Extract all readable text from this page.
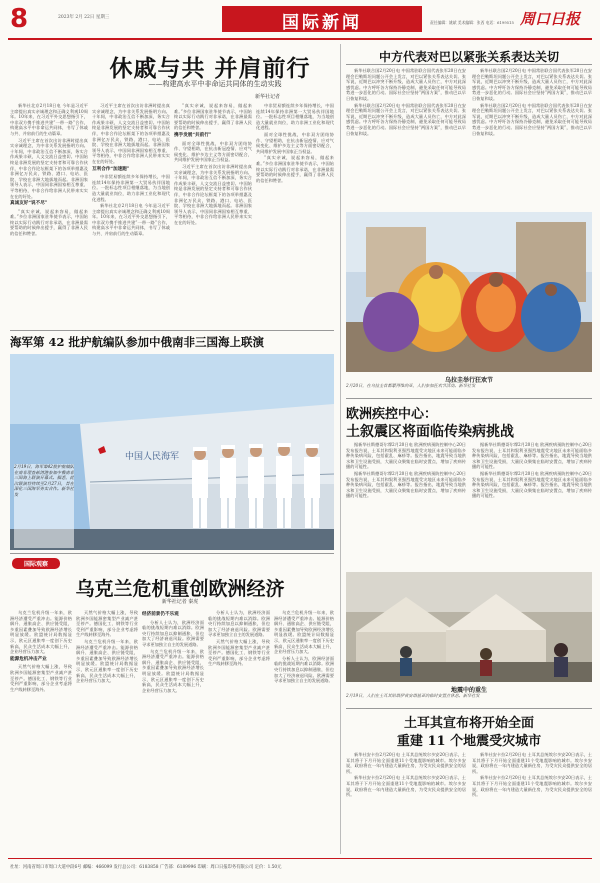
8	2023年 2月 22日 星期三	国际新闻	责任编辑：姚斌 美术编辑：张西 电话：6199515 周口日报
休戚与共 并肩前行
——构建高水平中非命运共同体的生动实践
新华社记者

新华社北京2月18日电 今年是习近平主席提出真实亲诚理念和正确义利观10周年。10年来，在习近平外交思想指引下，中非双方携手推进共建“一带一路”合作，构建高水平中非命运共同体，书写了休戚与共、并肩前行的生动篇章。

习近平主席在首次出访非洲时提出真实亲诚理念，为中非关系发展指明方向。十年间，中非政治互信不断加深，务实合作成果丰硕，人文交流日益密切。中国始终是非洲发展的坚定支持者和可靠合作伙伴，中非合作论坛框架下的各项举措惠及非洲亿万民众，铁路、港口、电站、医院、学校在非洲大地拔地而起。非洲国家领导人表示，中国同非洲国家相互尊重、平等相待，中非合作给非洲人民带来实实在在的好处。

真诚友好“说不尽”

“真实亲诚，说起来容易，做起来难。”多位非洲国家驻华使节表示，中国始终以实际行动践行对非承诺，在非洲最需要帮助的时候伸出援手，赢得了非洲人民的信任和赞誉。

习近平主席在首次出访非洲时提出真实亲诚理念，为中非关系发展指明方向。十年间，中非政治互信不断加深，务实合作成果丰硕，人文交流日益密切。中国始终是非洲发展的坚定支持者和可靠合作伙伴，中非合作论坛框架下的各项举措惠及非洲亿万民众，铁路、港口、电站、医院、学校在非洲大地拔地而起。非洲国家领导人表示，中国同非洲国家相互尊重、平等相待，中非合作给非洲人民带来实实在在的好处。

互利合作“加速跑”

中非贸易额连续多年保持增长，中国连续14年保持非洲第一大贸易伙伴国地位。一批标志性项目相继落地，为当地创造大量就业岗位，助力非洲工业化和现代化进程。

新华社北京2月18日电 今年是习近平主席提出真实亲诚理念和正确义利观10周年。10年来，在习近平外交思想指引下，中非双方携手推进共建“一带一路”合作，构建高水平中非命运共同体，书写了休戚与共、并肩前行的生动篇章。

“真实亲诚，说起来容易，做起来难。”多位非洲国家驻华使节表示，中国始终以实际行动践行对非承诺，在非洲最需要帮助的时候伸出援手，赢得了非洲人民的信任和赞誉。

携手发展“共前行”

面对全球性挑战，中非双方团结协作、守望相助，在抗击新冠疫情、应对气候变化、维护多边主义等方面密切配合，共同维护发展中国家正当权益。

习近平主席在首次出访非洲时提出真实亲诚理念，为中非关系发展指明方向。十年间，中非政治互信不断加深，务实合作成果丰硕，人文交流日益密切。中国始终是非洲发展的坚定支持者和可靠合作伙伴，中非合作论坛框架下的各项举措惠及非洲亿万民众，铁路、港口、电站、医院、学校在非洲大地拔地而起。非洲国家领导人表示，中国同非洲国家相互尊重、平等相待，中非合作给非洲人民带来实实在在的好处。

中非贸易额连续多年保持增长，中国连续14年保持非洲第一大贸易伙伴国地位。一批标志性项目相继落地，为当地创造大量就业岗位，助力非洲工业化和现代化进程。

面对全球性挑战，中非双方团结协作、守望相助，在抗击新冠疫情、应对气候变化、维护多边主义等方面密切配合，共同维护发展中国家正当权益。

“真实亲诚，说起来容易，做起来难。”多位非洲国家驻华使节表示，中国始终以实际行动践行对非承诺，在非洲最需要帮助的时候伸出援手，赢得了非洲人民的信任和赞誉。

中方代表对巴以紧张关系表达关切

新华社联合国2月20日电 中国常驻联合国代表张军20日在安理会巴勒斯坦问题公开会上发言，对巴以紧张关系表达关切。张军说，近期巴以冲突不断升级，造成大量人员伤亡，中方对此深感忧虑。中方呼吁各方保持冷静克制，避免采取任何可能导致局势进一步恶化的行动。国际社会应坚持“两国方案”，推动巴以早日恢复和谈。

新华社联合国2月20日电 中国常驻联合国代表张军20日在安理会巴勒斯坦问题公开会上发言，对巴以紧张关系表达关切。张军说，近期巴以冲突不断升级，造成大量人员伤亡，中方对此深感忧虑。中方呼吁各方保持冷静克制，避免采取任何可能导致局势进一步恶化的行动。国际社会应坚持“两国方案”，推动巴以早日恢复和谈。

新华社联合国2月20日电 中国常驻联合国代表张军20日在安理会巴勒斯坦问题公开会上发言，对巴以紧张关系表达关切。张军说，近期巴以冲突不断升级，造成大量人员伤亡，中方对此深感忧虑。中方呼吁各方保持冷静克制，避免采取任何可能导致局势进一步恶化的行动。国际社会应坚持“两国方案”，推动巴以早日恢复和谈。

新华社联合国2月20日电 中国常驻联合国代表张军20日在安理会巴勒斯坦问题公开会上发言，对巴以紧张关系表达关切。张军说，近期巴以冲突不断升级，造成大量人员伤亡，中方对此深感忧虑。中方呼吁各方保持冷静克制，避免采取任何可能导致局势进一步恶化的行动。国际社会应坚持“两国方案”，推动巴以早日恢复和谈。

乌拉圭举行狂欢节
2月20日，在乌拉圭首都蒙得维的亚，人们参加狂欢节活动。新华社发
欧洲疾控中心：
土叙震区将面临传染病挑战

据新华社斯德哥尔摩2月20日电 欧洲疾病预防控制中心20日发布报告说，土耳其和叙利亚强烈地震受灾地区未来可能面临多种传染病风险，包括霍乱、麻疹等。报告指出，地震导致当地供水和卫生设施受损，大量民众聚集在临时安置点，增加了疾病传播的可能性。

据新华社斯德哥尔摩2月20日电 欧洲疾病预防控制中心20日发布报告说，土耳其和叙利亚强烈地震受灾地区未来可能面临多种传染病风险，包括霍乱、麻疹等。报告指出，地震导致当地供水和卫生设施受损，大量民众聚集在临时安置点，增加了疾病传播的可能性。

据新华社斯德哥尔摩2月20日电 欧洲疾病预防控制中心20日发布报告说，土耳其和叙利亚强烈地震受灾地区未来可能面临多种传染病风险，包括霍乱、麻疹等。报告指出，地震导致当地供水和卫生设施受损，大量民众聚集在临时安置点，增加了疾病传播的可能性。

据新华社斯德哥尔摩2月20日电 欧洲疾病预防控制中心20日发布报告说，土耳其和叙利亚强烈地震受灾地区未来可能面临多种传染病风险，包括霍乱、麻疹等。报告指出，地震导致当地供水和卫生设施受损，大量民众聚集在临时安置点，增加了疾病传播的可能性。

地震中的重生
2月19日，人们在土耳其哈塔伊省安塔基亚的临时安置点休息。新华社发
土耳其宣布将开始全面
重建 11 个地震受灾城市

新华社安卡拉2月20日电 土耳其总统埃尔多安20日表示，土耳其将于下月开始全面重建11个受地震影响的城市。埃尔多安说，政府将在一年内建造大量新住房，为受灾民众提供安全的居所。

新华社安卡拉2月20日电 土耳其总统埃尔多安20日表示，土耳其将于下月开始全面重建11个受地震影响的城市。埃尔多安说，政府将在一年内建造大量新住房，为受灾民众提供安全的居所。

新华社安卡拉2月20日电 土耳其总统埃尔多安20日表示，土耳其将于下月开始全面重建11个受地震影响的城市。埃尔多安说，政府将在一年内建造大量新住房，为受灾民众提供安全的居所。

新华社安卡拉2月20日电 土耳其总统埃尔多安20日表示，土耳其将于下月开始全面重建11个受地震影响的城市。埃尔多安说，政府将在一年内建造大量新住房，为受灾民众提供安全的居所。

海军第 42 批护航编队参加中俄南非三国海上联演
中国人民海军
2月19日，海军第42批护航编队在南非理查兹湾港参加中俄南非三国海上联演开幕式。据悉，此次联演将持续至2月27日，旨在深化三国海军务实合作。新华社发
国际观察
乌克兰危机重创欧洲经济
新华社记者 秦虎

乌克兰危机升级一年来，欧洲经济遭受严重冲击。能源价格飙升、通胀高企、供应链受阻，多重因素叠加导致欧洲经济增长明显放缓。欧盟统计局数据显示，欧元区通胀率一度创下历史新高，民众生活成本大幅上升，企业经营压力加大。

能源危机冲击产业

天然气价格大幅上涨，导致欧洲多国能源密集型产业减产甚至停产。德国化工、钢铁等行业受到严重影响，部分企业考虑将生产线转移至海外。

天然气价格大幅上涨，导致欧洲多国能源密集型产业减产甚至停产。德国化工、钢铁等行业受到严重影响，部分企业考虑将生产线转移至海外。

乌克兰危机升级一年来，欧洲经济遭受严重冲击。能源价格飙升、通胀高企、供应链受阻，多重因素叠加导致欧洲经济增长明显放缓。欧盟统计局数据显示，欧元区通胀率一度创下历史新高，民众生活成本大幅上升，企业经营压力加大。

经济前景仍不乐观

分析人士认为，欧洲经济面临的挑战短期内难以消除。欧洲央行持续加息以抑制通胀，但也加大了经济衰退风险。欧洲需要寻求更加独立自主的发展道路。

乌克兰危机升级一年来，欧洲经济遭受严重冲击。能源价格飙升、通胀高企、供应链受阻，多重因素叠加导致欧洲经济增长明显放缓。欧盟统计局数据显示，欧元区通胀率一度创下历史新高，民众生活成本大幅上升，企业经营压力加大。

分析人士认为，欧洲经济面临的挑战短期内难以消除。欧洲央行持续加息以抑制通胀，但也加大了经济衰退风险。欧洲需要寻求更加独立自主的发展道路。

天然气价格大幅上涨，导致欧洲多国能源密集型产业减产甚至停产。德国化工、钢铁等行业受到严重影响，部分企业考虑将生产线转移至海外。

乌克兰危机升级一年来，欧洲经济遭受严重冲击。能源价格飙升、通胀高企、供应链受阻，多重因素叠加导致欧洲经济增长明显放缓。欧盟统计局数据显示，欧元区通胀率一度创下历史新高，民众生活成本大幅上升，企业经营压力加大。

分析人士认为，欧洲经济面临的挑战短期内难以消除。欧洲央行持续加息以抑制通胀，但也加大了经济衰退风险。欧洲需要寻求更加独立自主的发展道路。

社址：河南省周口市周口大道中段6号 邮编：466099 发行总公司：6183858 广告部：6189996 印刷：周口日报印务有限公司 定价：1.50元
